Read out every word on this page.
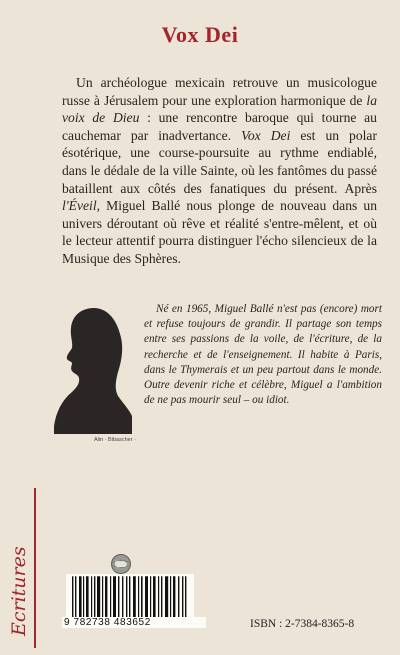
Vox Dei
Un archéologue mexicain retrouve un musicologue russe à Jérusalem pour une exploration harmonique de la voix de Dieu : une rencontre baroque qui tourne au cauchemar par inadvertance. Vox Dei est un polar ésotérique, une course-poursuite au rythme endiablé, dans le dédale de la ville Sainte, où les fantômes du passé bataillent aux côtés des fanatiques du présent. Après l'Éveil, Miguel Ballé nous plonge de nouveau dans un univers déroutant où rêve et réalité s'entre-mêlent, et où le lecteur attentif pourra distinguer l'écho silencieux de la Musique des Sphères.
Alin · Bibascher ·
Né en 1965, Miguel Ballé n'est pas (encore) mort et refuse toujours de grandir. Il partage son temps entre ses passions de la voile, de l'écriture, de la recherche et de l'enseignement. Il habite à Paris, dans le Thymerais et un peu partout dans le monde. Outre devenir riche et célèbre, Miguel a l'ambition de ne pas mourir seul – ou idiot.
Ecritures	9 782738 483652	ISBN : 2-7384-8365-8
